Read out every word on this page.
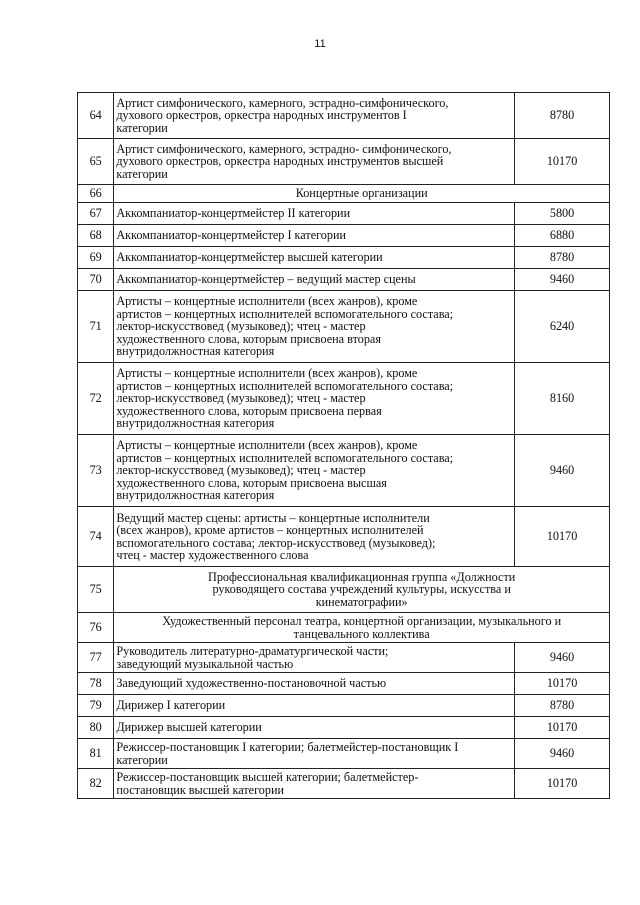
11
64	Артист симфонического, камерного, эстрадно-симфонического,
духового оркестров, оркестра народных инструментов I
категории	8780
65	Артист симфонического, камерного, эстрадно- симфонического,
духового оркестров, оркестра народных инструментов высшей
категории	10170
66	Концертные организации	
67	Аккомпаниатор-концертмейстер II категории	5800
68	Аккомпаниатор-концертмейстер I категории	6880
69	Аккомпаниатор-концертмейстер высшей категории	8780
70	Аккомпаниатор-концертмейстер – ведущий мастер сцены	9460
71	Артисты – концертные исполнители (всех жанров), кроме
артистов – концертных исполнителей вспомогательного состава;
лектор-искусствовед (музыковед); чтец - мастер
художественного слова, которым присвоена вторая
внутридолжностная категория	6240
72	Артисты – концертные исполнители (всех жанров), кроме
артистов – концертных исполнителей вспомогательного состава;
лектор-искусствовед (музыковед); чтец - мастер
художественного слова, которым присвоена первая
внутридолжностная категория	8160
73	Артисты – концертные исполнители (всех жанров), кроме
артистов – концертных исполнителей вспомогательного состава;
лектор-искусствовед (музыковед); чтец - мастер
художественного слова, которым присвоена высшая
внутридолжностная категория	9460
74	Ведущий мастер сцены: артисты – концертные исполнители
(всех жанров), кроме артистов – концертных исполнителей
вспомогательного состава; лектор-искусствовед (музыковед);
чтец - мастер художественного слова	10170
75	Профессиональная квалификационная группа «Должности
руководящего состава учреждений культуры, искусства и
кинематографии»	
76	Художественный персонал театра, концертной организации, музыкального и
танцевального коллектива	
77	Руководитель литературно-драматургической части;
заведующий музыкальной частью	9460
78	Заведующий художественно-постановочной частью	10170
79	Дирижер I категории	8780
80	Дирижер высшей категории	10170
81	Режиссер-постановщик I категории; балетмейстер-постановщик I
категории	9460
82	Режиссер-постановщик высшей категории; балетмейстер-
постановщик высшей категории	10170
